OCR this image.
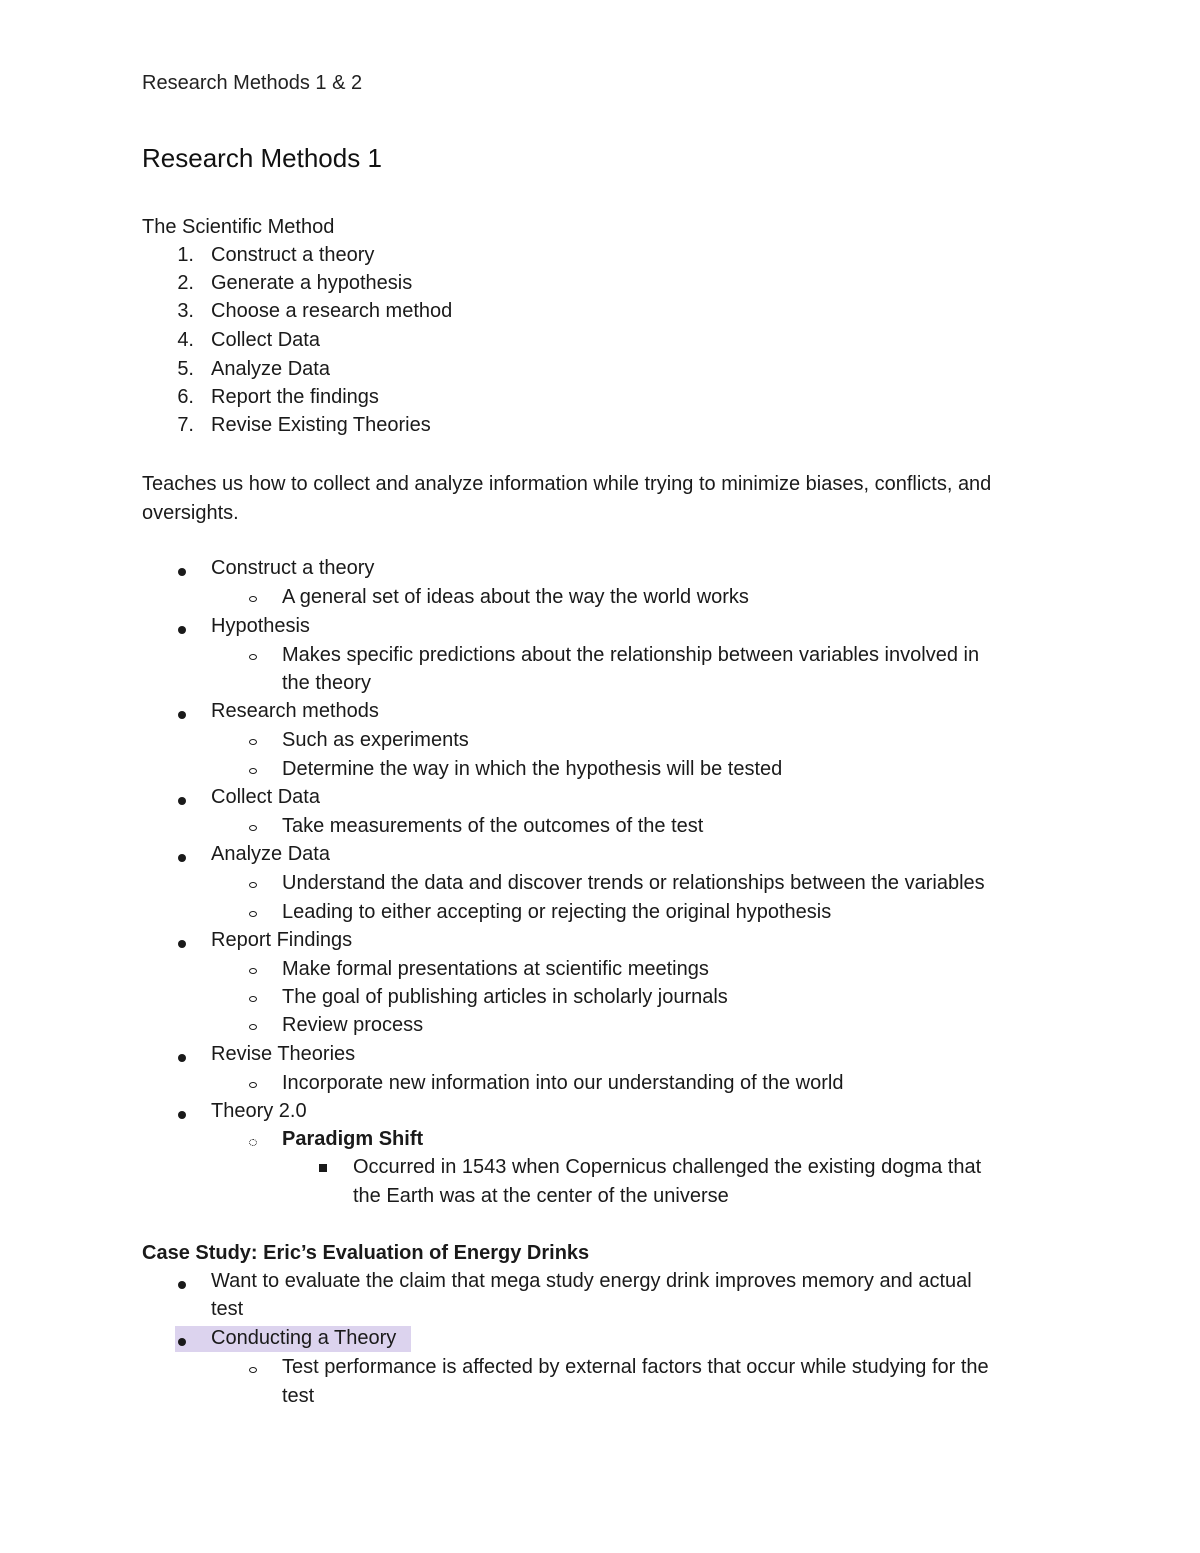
Research Methods 1 & 2
Research Methods 1
The Scientific Method
1. Construct a theory
2. Generate a hypothesis
3. Choose a research method
4. Collect Data
5. Analyze Data
6. Report the findings
7. Revise Existing Theories
Teaches us how to collect and analyze information while trying to minimize biases, conflicts, and oversights.
Construct a theory
A general set of ideas about the way the world works
Hypothesis
Makes specific predictions about the relationship between variables involved in
the theory
Research methods
Such as experiments
Determine the way in which the hypothesis will be tested
Collect Data
Take measurements of the outcomes of the test
Analyze Data
Understand the data and discover trends or relationships between the variables
Leading to either accepting or rejecting the original hypothesis
Report Findings
Make formal presentations at scientific meetings
The goal of publishing articles in scholarly journals
Review process
Revise Theories
Incorporate new information into our understanding of the world
Theory 2.0
Paradigm Shift
Occurred in 1543 when Copernicus challenged the existing dogma that
the Earth was at the center of the universe
Case Study: Eric’s Evaluation of Energy Drinks
Want to evaluate the claim that mega study energy drink improves memory and actual
test
Conducting a Theory
Test performance is affected by external factors that occur while studying for the
test
